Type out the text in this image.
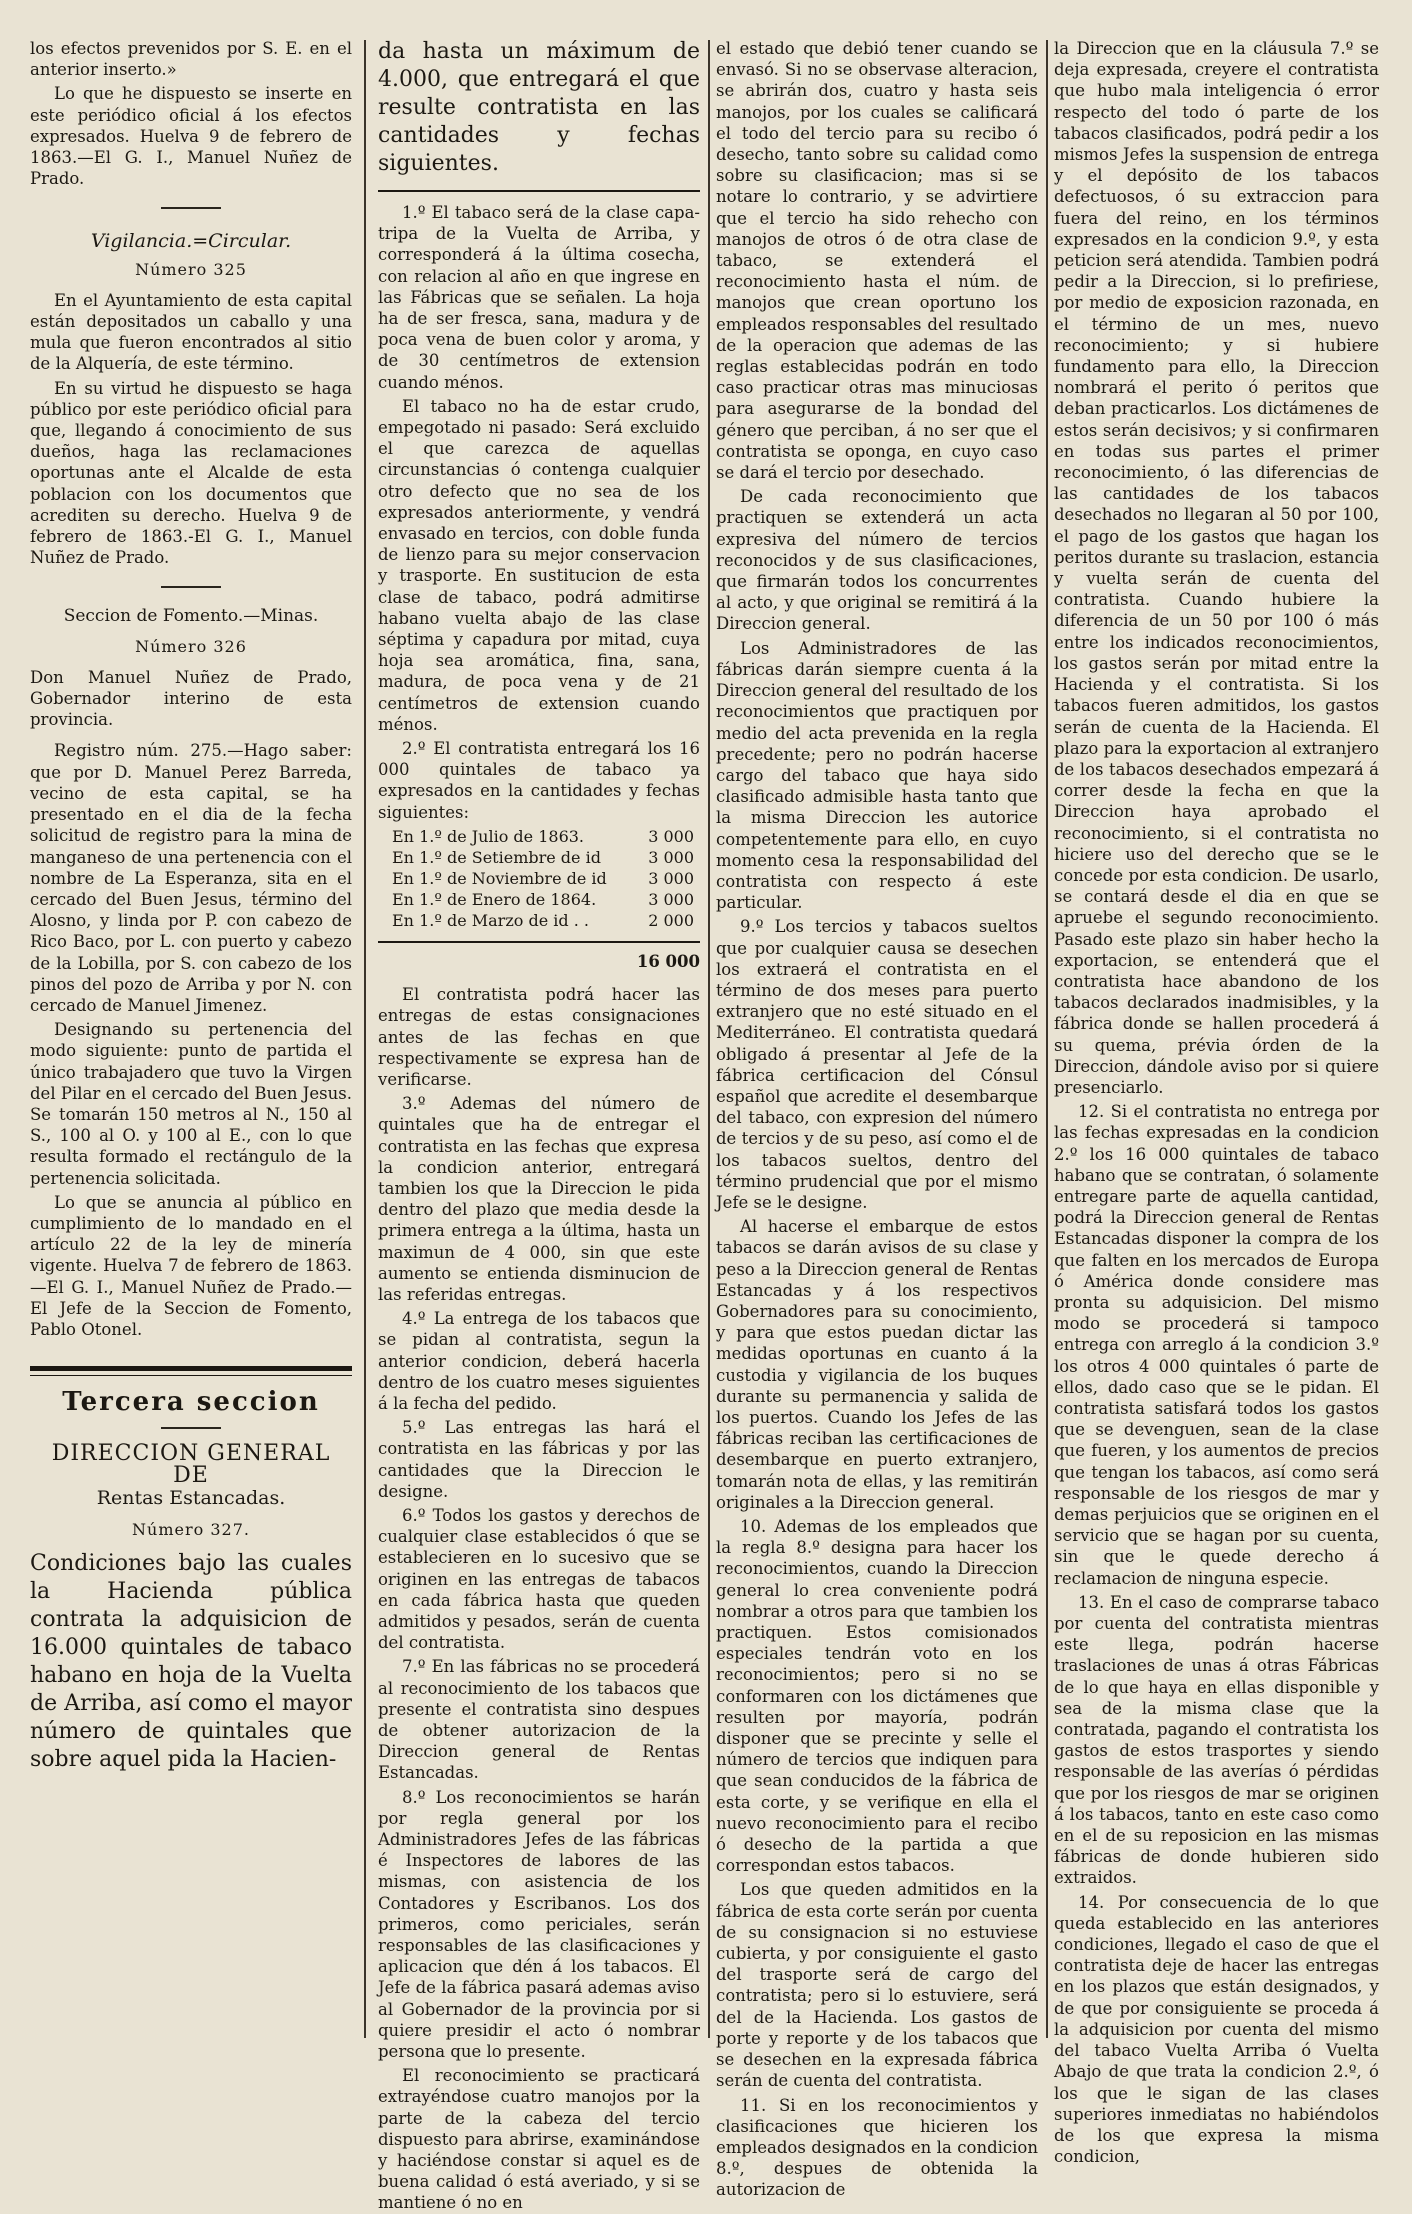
los efectos prevenidos por S. E. en el anterior inserto.»

Lo que he dispuesto se inserte en este periódico oficial á los efectos expresados. Huelva 9 de febrero de 1863.—El G. I., Manuel Nuñez de Prado.

Vigilancia.=Circular.

Número 325

En el Ayuntamiento de esta capital están depositados un caballo y una mula que fueron encontrados al sitio de la Alquería, de este término.

En su virtud he dispuesto se haga público por este periódico oficial para que, llegando á conocimiento de sus dueños, haga las reclamaciones oportunas ante el Alcalde de esta poblacion con los documentos que acrediten su derecho. Huelva 9 de febrero de 1863.-El G. I., Manuel Nuñez de Prado.

Seccion de Fomento.—Minas.

Número 326

Don Manuel Nuñez de Prado, Gobernador interino de esta provincia.

Registro núm. 275.—Hago saber: que por D. Manuel Perez Barreda, vecino de esta capital, se ha presentado en el dia de la fecha solicitud de registro para la mina de manganeso de una pertenencia con el nombre de La Esperanza, sita en el cercado del Buen Jesus, término del Alosno, y linda por P. con cabezo de Rico Baco, por L. con puerto y cabezo de la Lobilla, por S. con cabezo de los pinos del pozo de Arriba y por N. con cercado de Manuel Jimenez.

Designando su pertenencia del modo siguiente: punto de partida el único trabajadero que tuvo la Virgen del Pilar en el cercado del Buen Jesus. Se tomarán 150 metros al N., 150 al S., 100 al O. y 100 al E., con lo que resulta formado el rectángulo de la pertenencia solicitada.

Lo que se anuncia al público en cumplimiento de lo mandado en el artículo 22 de la ley de minería vigente. Huelva 7 de febrero de 1863.—El G. I., Manuel Nuñez de Prado.—El Jefe de la Seccion de Fomento, Pablo Otonel.

Tercera seccion
DIRECCION GENERAL DE
Rentas Estancadas.

Número 327.

Condiciones bajo las cuales la Hacienda pública contrata la adquisicion de 16.000 quintales de tabaco habano en hoja de la Vuelta de Arriba, así como el mayor número de quintales que sobre aquel pida la Hacien-

da hasta un máximum de 4.000, que entregará el que resulte contratista en las cantidades y fechas siguientes.

1.º El tabaco será de la clase capa-tripa de la Vuelta de Arriba, y corresponderá á la última cosecha, con relacion al año en que ingrese en las Fábricas que se señalen. La hoja ha de ser fresca, sana, madura y de poca vena de buen color y aroma, y de 30 centímetros de extension cuando ménos.

El tabaco no ha de estar crudo, empegotado ni pasado: Será excluido el que carezca de aquellas circunstancias ó contenga cualquier otro defecto que no sea de los expresados anteriormente, y vendrá envasado en tercios, con doble funda de lienzo para su mejor conservacion y trasporte. En sustitucion de esta clase de tabaco, podrá admitirse habano vuelta abajo de las clase séptima y capadura por mitad, cuya hoja sea aromática, fina, sana, madura, de poca vena y de 21 centímetros de extension cuando ménos.

2.º El contratista entregará los 16 000 quintales de tabaco ya expresados en la cantidades y fechas siguientes:

En 1.º de Julio de 1863.	3 000
En 1.º de Setiembre de id	3 000
En 1.º de Noviembre de id	3 000
En 1.º de Enero de 1864.	3 000
En 1.º de Marzo de id . .	2 000

16 000

El contratista podrá hacer las entregas de estas consignaciones antes de las fechas en que respectivamente se expresa han de verificarse.

3.º Ademas del número de quintales que ha de entregar el contratista en las fechas que expresa la condicion anterior, entregará tambien los que la Direccion le pida dentro del plazo que media desde la primera entrega a la última, hasta un maximun de 4 000, sin que este aumento se entienda disminucion de las referidas entregas.

4.º La entrega de los tabacos que se pidan al contratista, segun la anterior condicion, deberá hacerla dentro de los cuatro meses siguientes á la fecha del pedido.

5.º Las entregas las hará el contratista en las fábricas y por las cantidades que la Direccion le designe.

6.º Todos los gastos y derechos de cualquier clase establecidos ó que se establecieren en lo sucesivo que se originen en las entregas de tabacos en cada fábrica hasta que queden admitidos y pesados, serán de cuenta del contratista.

7.º En las fábricas no se procederá al reconocimiento de los tabacos que presente el contratista sino despues de obtener autorizacion de la Direccion general de Rentas Estancadas.

8.º Los reconocimientos se harán por regla general por los Administradores Jefes de las fábricas é Inspectores de labores de las mismas, con asistencia de los Contadores y Escribanos. Los dos primeros, como periciales, serán responsables de las clasificaciones y aplicacion que dén á los tabacos. El Jefe de la fábrica pasará ademas aviso al Gobernador de la provincia por si quiere presidir el acto ó nombrar persona que lo presente.

El reconocimiento se practicará extrayéndose cuatro manojos por la parte de la cabeza del tercio dispuesto para abrirse, examinándose y haciéndose constar si aquel es de buena calidad ó está averiado, y si se mantiene ó no en

el estado que debió tener cuando se envasó. Si no se observase alteracion, se abrirán dos, cuatro y hasta seis manojos, por los cuales se calificará el todo del tercio para su recibo ó desecho, tanto sobre su calidad como sobre su clasificacion; mas si se notare lo contrario, y se advirtiere que el tercio ha sido rehecho con manojos de otros ó de otra clase de tabaco, se extenderá el reconocimiento hasta el núm. de manojos que crean oportuno los empleados responsables del resultado de la operacion que ademas de las reglas establecidas podrán en todo caso practicar otras mas minuciosas para asegurarse de la bondad del género que perciban, á no ser que el contratista se oponga, en cuyo caso se dará el tercio por desechado.

De cada reconocimiento que practiquen se extenderá un acta expresiva del número de tercios reconocidos y de sus clasificaciones, que firmarán todos los concurrentes al acto, y que original se remitirá á la Direccion general.

Los Administradores de las fábricas darán siempre cuenta á la Direccion general del resultado de los reconocimientos que practiquen por medio del acta prevenida en la regla precedente; pero no podrán hacerse cargo del tabaco que haya sido clasificado admisible hasta tanto que la misma Direccion les autorice competentemente para ello, en cuyo momento cesa la responsabilidad del contratista con respecto á este particular.

9.º Los tercios y tabacos sueltos que por cualquier causa se desechen los extraerá el contratista en el término de dos meses para puerto extranjero que no esté situado en el Mediterráneo. El contratista quedará obligado á presentar al Jefe de la fábrica certificacion del Cónsul español que acredite el desembarque del tabaco, con expresion del número de tercios y de su peso, así como el de los tabacos sueltos, dentro del término prudencial que por el mismo Jefe se le designe.

Al hacerse el embarque de estos tabacos se darán avisos de su clase y peso a la Direccion general de Rentas Estancadas y á los respectivos Gobernadores para su conocimiento, y para que estos puedan dictar las medidas oportunas en cuanto á la custodia y vigilancia de los buques durante su permanencia y salida de los puertos. Cuando los Jefes de las fábricas reciban las certificaciones de desembarque en puerto extranjero, tomarán nota de ellas, y las remitirán originales a la Direccion general.

10. Ademas de los empleados que la regla 8.º designa para hacer los reconocimientos, cuando la Direccion general lo crea conveniente podrá nombrar a otros para que tambien los practiquen. Estos comisionados especiales tendrán voto en los reconocimientos; pero si no se conformaren con los dictámenes que resulten por mayoría, podrán disponer que se precinte y selle el número de tercios que indiquen para que sean conducidos de la fábrica de esta corte, y se verifique en ella el nuevo reconocimiento para el recibo ó desecho de la partida a que correspondan estos tabacos.

Los que queden admitidos en la fábrica de esta corte serán por cuenta de su consignacion si no estuviese cubierta, y por consiguiente el gasto del trasporte será de cargo del contratista; pero si lo estuviere, será del de la Hacienda. Los gastos de porte y reporte y de los tabacos que se desechen en la expresada fábrica serán de cuenta del contratista.

11. Si en los reconocimientos y clasificaciones que hicieren los empleados designados en la condicion 8.º, despues de obtenida la autorizacion de

la Direccion que en la cláusula 7.º se deja expresada, creyere el contratista que hubo mala inteligencia ó error respecto del todo ó parte de los tabacos clasificados, podrá pedir a los mismos Jefes la suspension de entrega y el depósito de los tabacos defectuosos, ó su extraccion para fuera del reino, en los términos expresados en la condicion 9.º, y esta peticion será atendida. Tambien podrá pedir a la Direccion, si lo prefiriese, por medio de exposicion razonada, en el término de un mes, nuevo reconocimiento; y si hubiere fundamento para ello, la Direccion nombrará el perito ó peritos que deban practicarlos. Los dictámenes de estos serán decisivos; y si confirmaren en todas sus partes el primer reconocimiento, ó las diferencias de las cantidades de los tabacos desechados no llegaran al 50 por 100, el pago de los gastos que hagan los peritos durante su traslacion, estancia y vuelta serán de cuenta del contratista. Cuando hubiere la diferencia de un 50 por 100 ó más entre los indicados reconocimientos, los gastos serán por mitad entre la Hacienda y el contratista. Si los tabacos fueren admitidos, los gastos serán de cuenta de la Hacienda. El plazo para la exportacion al extranjero de los tabacos desechados empezará á correr desde la fecha en que la Direccion haya aprobado el reconocimiento, si el contratista no hiciere uso del derecho que se le concede por esta condicion. De usarlo, se contará desde el dia en que se apruebe el segundo reconocimiento. Pasado este plazo sin haber hecho la exportacion, se entenderá que el contratista hace abandono de los tabacos declarados inadmisibles, y la fábrica donde se hallen procederá á su quema, prévia órden de la Direccion, dándole aviso por si quiere presenciarlo.

12. Si el contratista no entrega por las fechas expresadas en la condicion 2.º los 16 000 quintales de tabaco habano que se contratan, ó solamente entregare parte de aquella cantidad, podrá la Direccion general de Rentas Estancadas disponer la compra de los que falten en los mercados de Europa ó América donde considere mas pronta su adquisicion. Del mismo modo se procederá si tampoco entrega con arreglo á la condicion 3.º los otros 4 000 quintales ó parte de ellos, dado caso que se le pidan. El contratista satisfará todos los gastos que se devenguen, sean de la clase que fueren, y los aumentos de precios que tengan los tabacos, así como será responsable de los riesgos de mar y demas perjuicios que se originen en el servicio que se hagan por su cuenta, sin que le quede derecho á reclamacion de ninguna especie.

13. En el caso de comprarse tabaco por cuenta del contratista mientras este llega, podrán hacerse traslaciones de unas á otras Fábricas de lo que haya en ellas disponible y sea de la misma clase que la contratada, pagando el contratista los gastos de estos trasportes y siendo responsable de las averías ó pérdidas que por los riesgos de mar se originen á los tabacos, tanto en este caso como en el de su reposicion en las mismas fábricas de donde hubieren sido extraidos.

14. Por consecuencia de lo que queda establecido en las anteriores condiciones, llegado el caso de que el contratista deje de hacer las entregas en los plazos que están designados, y de que por consiguiente se proceda á la adquisicion por cuenta del mismo del tabaco Vuelta Arriba ó Vuelta Abajo de que trata la condicion 2.º, ó los que le sigan de las clases superiores inmediatas no habiéndolos de los que expresa la misma condicion,
